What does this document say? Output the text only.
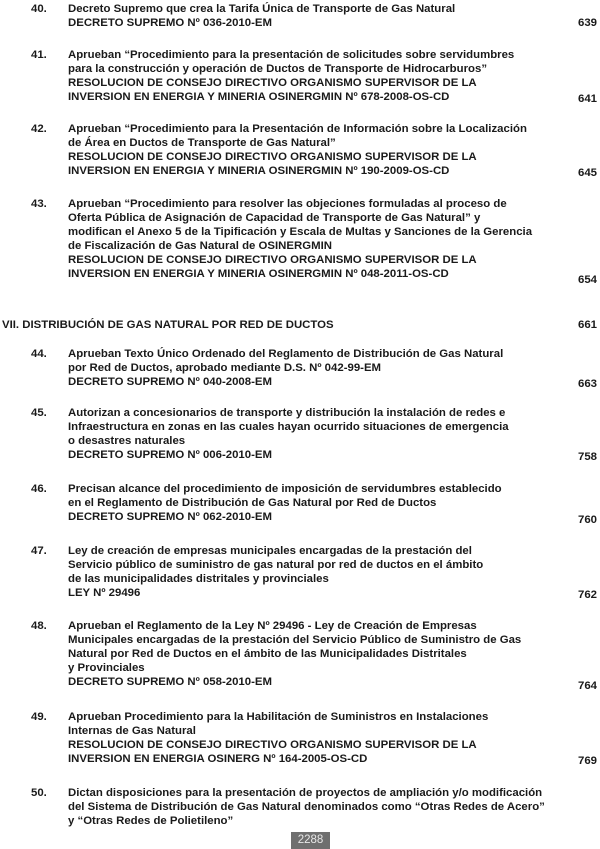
40. Decreto Supremo que crea la Tarifa Única de Transporte de Gas Natural
DECRETO SUPREMO Nº 036-2010-EM	639
41. Aprueban “Procedimiento para la presentación de solicitudes sobre servidumbres
para la construcción y operación de Ductos de Transporte de Hidrocarburos”
RESOLUCION DE CONSEJO DIRECTIVO ORGANISMO SUPERVISOR DE LA
INVERSION EN ENERGIA Y MINERIA OSINERGMIN Nº 678-2008-OS-CD	641
42. Aprueban “Procedimiento para la Presentación de Información sobre la Localización
de Área en Ductos de Transporte de Gas Natural”
RESOLUCION DE CONSEJO DIRECTIVO ORGANISMO SUPERVISOR DE LA
INVERSION EN ENERGIA Y MINERIA OSINERGMIN Nº 190-2009-OS-CD	645
43. Aprueban “Procedimiento para resolver las objeciones formuladas al proceso de
Oferta Pública de Asignación de Capacidad de Transporte de Gas Natural” y
modifican el Anexo 5 de la Tipificación y Escala de Multas y Sanciones de la Gerencia
de Fiscalización de Gas Natural de OSINERGMIN
RESOLUCION DE CONSEJO DIRECTIVO ORGANISMO SUPERVISOR DE LA
INVERSION EN ENERGIA Y MINERIA OSINERGMIN Nº 048-2011-OS-CD	654
VII. DISTRIBUCIÓN DE GAS NATURAL POR RED DE DUCTOS	661
44. Aprueban Texto Único Ordenado del Reglamento de Distribución de Gas Natural
por Red de Ductos, aprobado mediante D.S. Nº 042-99-EM
DECRETO SUPREMO Nº 040-2008-EM	663
45. Autorizan a concesionarios de transporte y distribución la instalación de redes e
Infraestructura en zonas en las cuales hayan ocurrido situaciones de emergencia
o desastres naturales
DECRETO SUPREMO Nº 006-2010-EM	758
46. Precisan alcance del procedimiento de imposición de servidumbres establecido
en el Reglamento de Distribución de Gas Natural por Red de Ductos
DECRETO SUPREMO Nº 062-2010-EM	760
47. Ley de creación de empresas municipales encargadas de la prestación del
Servicio público de suministro de gas natural por red de ductos en el ámbito
de las municipalidades distritales y provinciales
LEY Nº 29496	762
48. Aprueban el Reglamento de la Ley Nº 29496 - Ley de Creación de Empresas
Municipales encargadas de la prestación del Servicio Público de Suministro de Gas
Natural por Red de Ductos en el ámbito de las Municipalidades Distritales
y Provinciales
DECRETO SUPREMO Nº 058-2010-EM	764
49. Aprueban Procedimiento para la Habilitación de Suministros en Instalaciones
Internas de Gas Natural
RESOLUCION DE CONSEJO DIRECTIVO ORGANISMO SUPERVISOR DE LA
INVERSION EN ENERGIA OSINERG Nº 164-2005-OS-CD	769
50. Dictan disposiciones para la presentación de proyectos de ampliación y/o modificación
del Sistema de Distribución de Gas Natural denominados como “Otras Redes de Acero”
y “Otras Redes de Polietileno”
2288
